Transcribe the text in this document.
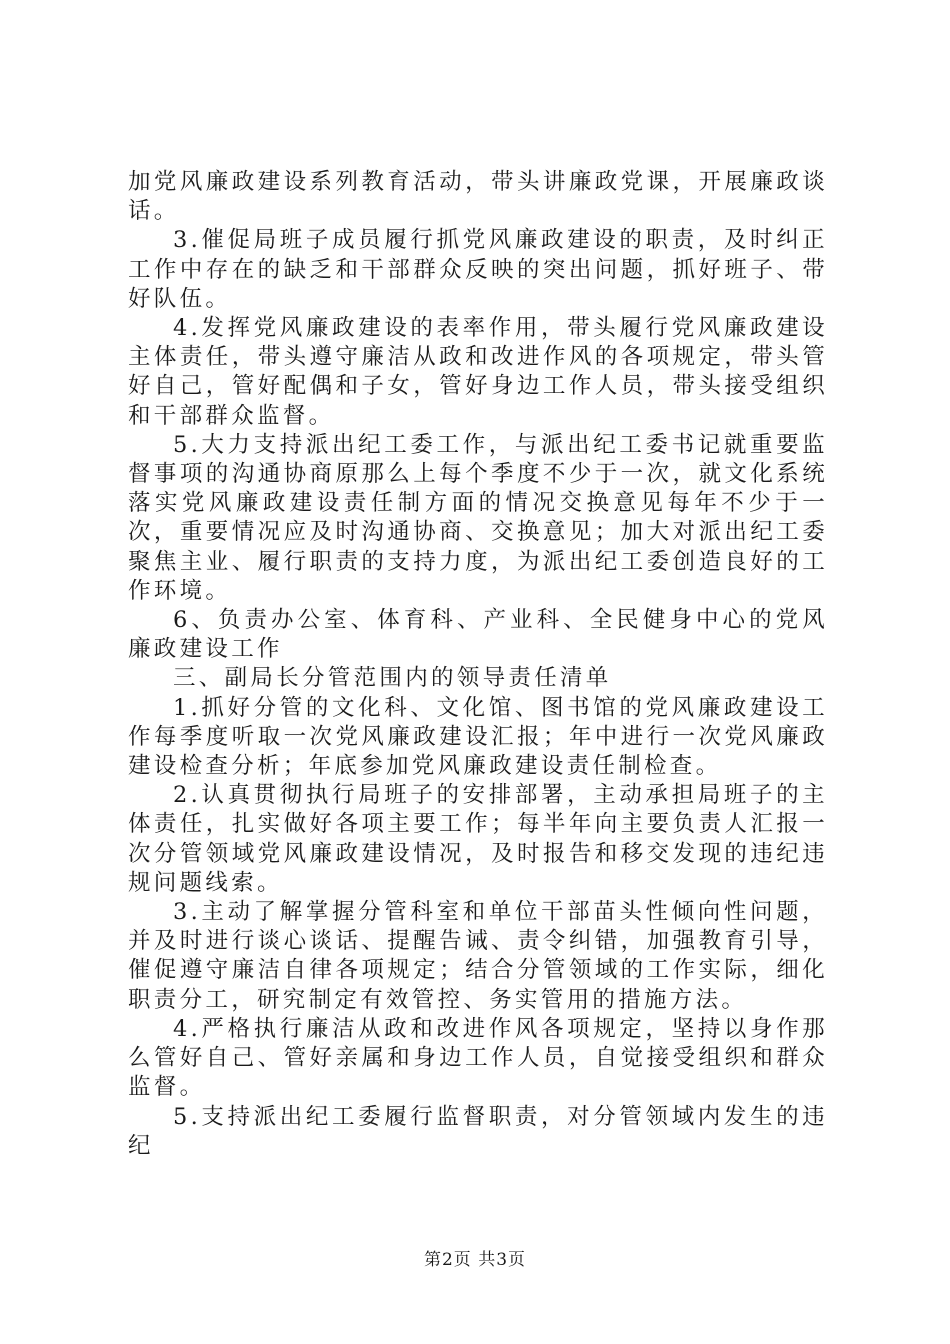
加党风廉政建设系列教育活动，带头讲廉政党课，开展廉政谈话。

3.催促局班子成员履行抓党风廉政建设的职责，及时纠正工作中存在的缺乏和干部群众反映的突出问题，抓好班子、带好队伍。

4.发挥党风廉政建设的表率作用，带头履行党风廉政建设主体责任，带头遵守廉洁从政和改进作风的各项规定，带头管好自己，管好配偶和子女，管好身边工作人员，带头接受组织和干部群众监督。

5.大力支持派出纪工委工作，与派出纪工委书记就重要监督事项的沟通协商原那么上每个季度不少于一次，就文化系统落实党风廉政建设责任制方面的情况交换意见每年不少于一次，重要情况应及时沟通协商、交换意见；加大对派出纪工委聚焦主业、履行职责的支持力度，为派出纪工委创造良好的工作环境。

6、负责办公室、体育科、产业科、全民健身中心的党风廉政建设工作

三、副局长分管范围内的领导责任清单

1.抓好分管的文化科、文化馆、图书馆的党风廉政建设工作每季度听取一次党风廉政建设汇报；年中进行一次党风廉政建设检查分析；年底参加党风廉政建设责任制检查。

2.认真贯彻执行局班子的安排部署，主动承担局班子的主体责任，扎实做好各项主要工作；每半年向主要负责人汇报一次分管领域党风廉政建设情况，及时报告和移交发现的违纪违规问题线索。

3.主动了解掌握分管科室和单位干部苗头性倾向性问题，并及时进行谈心谈话、提醒告诫、责令纠错，加强教育引导，催促遵守廉洁自律各项规定；结合分管领域的工作实际，细化职责分工，研究制定有效管控、务实管用的措施方法。

4.严格执行廉洁从政和改进作风各项规定，坚持以身作那么管好自己、管好亲属和身边工作人员，自觉接受组织和群众监督。

5.支持派出纪工委履行监督职责，对分管领域内发生的违纪

第2页 共3页
